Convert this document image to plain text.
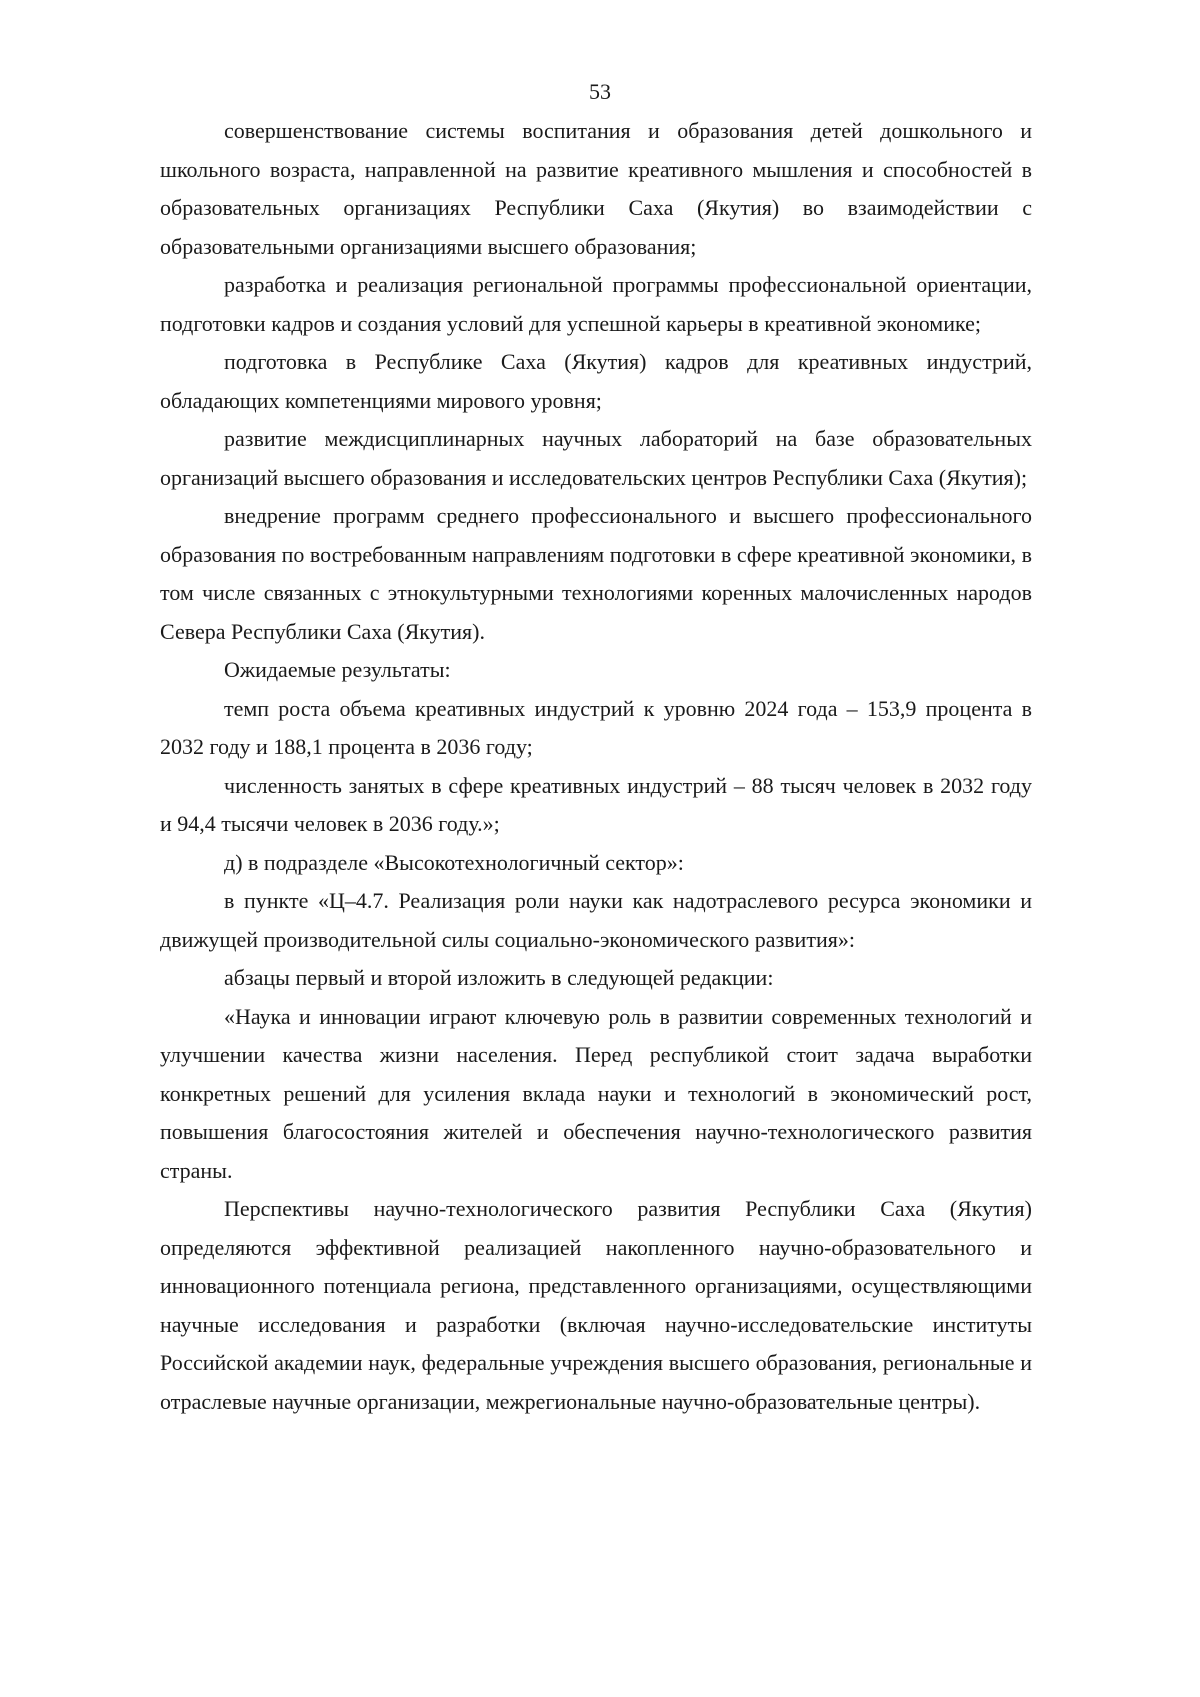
53

совершенствование системы воспитания и образования детей дошкольного и школьного возраста, направленной на развитие креативного мышления и способностей в образовательных организациях Республики Саха (Якутия) во взаимодействии с образовательными организациями высшего образования;

разработка и реализация региональной программы профессиональной ориентации, подготовки кадров и создания условий для успешной карьеры в креативной экономике;

подготовка в Республике Саха (Якутия) кадров для креативных индустрий, обладающих компетенциями мирового уровня;

развитие междисциплинарных научных лабораторий на базе образовательных организаций высшего образования и исследовательских центров Республики Саха (Якутия);

внедрение программ среднего профессионального и высшего профессионального образования по востребованным направлениям подготовки в сфере креативной экономики, в том числе связанных с этнокультурными технологиями коренных малочисленных народов Севера Республики Саха (Якутия).

Ожидаемые результаты:

темп роста объема креативных индустрий к уровню 2024 года – 153,9 процента в 2032 году и 188,1 процента в 2036 году;

численность занятых в сфере креативных индустрий – 88 тысяч человек в 2032 году и 94,4 тысячи человек в 2036 году.»;

д) в подразделе «Высокотехнологичный сектор»:

в пункте «Ц–4.7. Реализация роли науки как надотраслевого ресурса экономики и движущей производительной силы социально-экономического развития»:

абзацы первый и второй изложить в следующей редакции:

«Наука и инновации играют ключевую роль в развитии современных технологий и улучшении качества жизни населения. Перед республикой стоит задача выработки конкретных решений для усиления вклада науки и технологий в экономический рост, повышения благосостояния жителей и обеспечения научно-технологического развития страны.

Перспективы научно-технологического развития Республики Саха (Якутия) определяются эффективной реализацией накопленного научно-образовательного и инновационного потенциала региона, представленного организациями, осуществляющими научные исследования и разработки (включая научно-исследовательские институты Российской академии наук, федеральные учреждения высшего образования, региональные и отраслевые научные организации, межрегиональные научно-образовательные центры).
